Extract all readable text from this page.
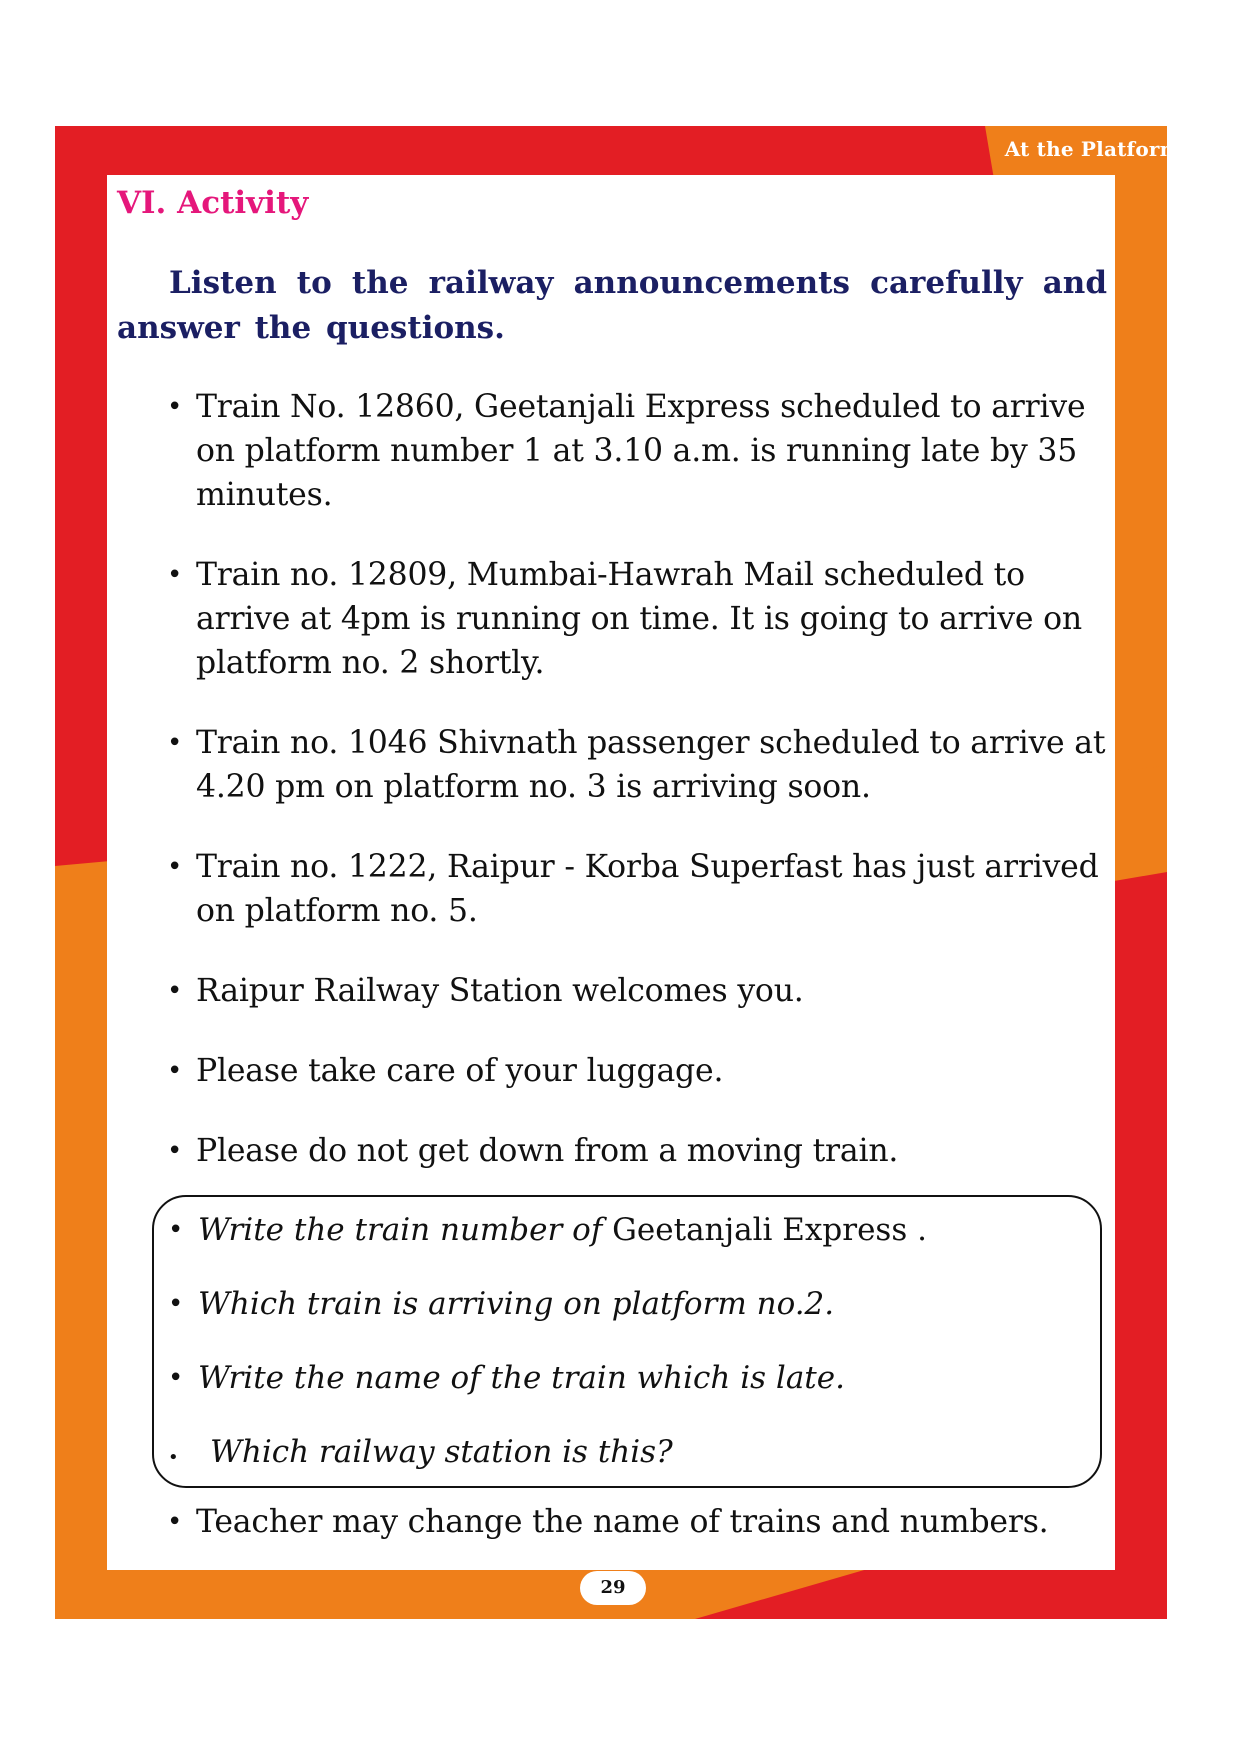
At the Platform
VI. Activity

Listen to the railway announcements carefully and answer the questions.

• Train No. 12860, Geetanjali Express scheduled to arrive on platform number 1 at 3.10 a.m. is running late by 35 minutes.
• Train no. 12809, Mumbai-Hawrah Mail scheduled to arrive at 4pm is running on time. It is going to arrive on platform no. 2 shortly.
• Train no. 1046 Shivnath passenger scheduled to arrive at 4.20 pm on platform no. 3 is arriving soon.
• Train no. 1222, Raipur - Korba Superfast has just arrived on platform no. 5.
• Raipur Railway Station welcomes you.
• Please take care of your luggage.
• Please do not get down from a moving train.
• Write the train number of Geetanjali Express .
• Which train is arriving on platform no.2.
• Write the name of the train which is late.
• Which railway station is this?

• Teacher may change the name of trains and numbers.

29
